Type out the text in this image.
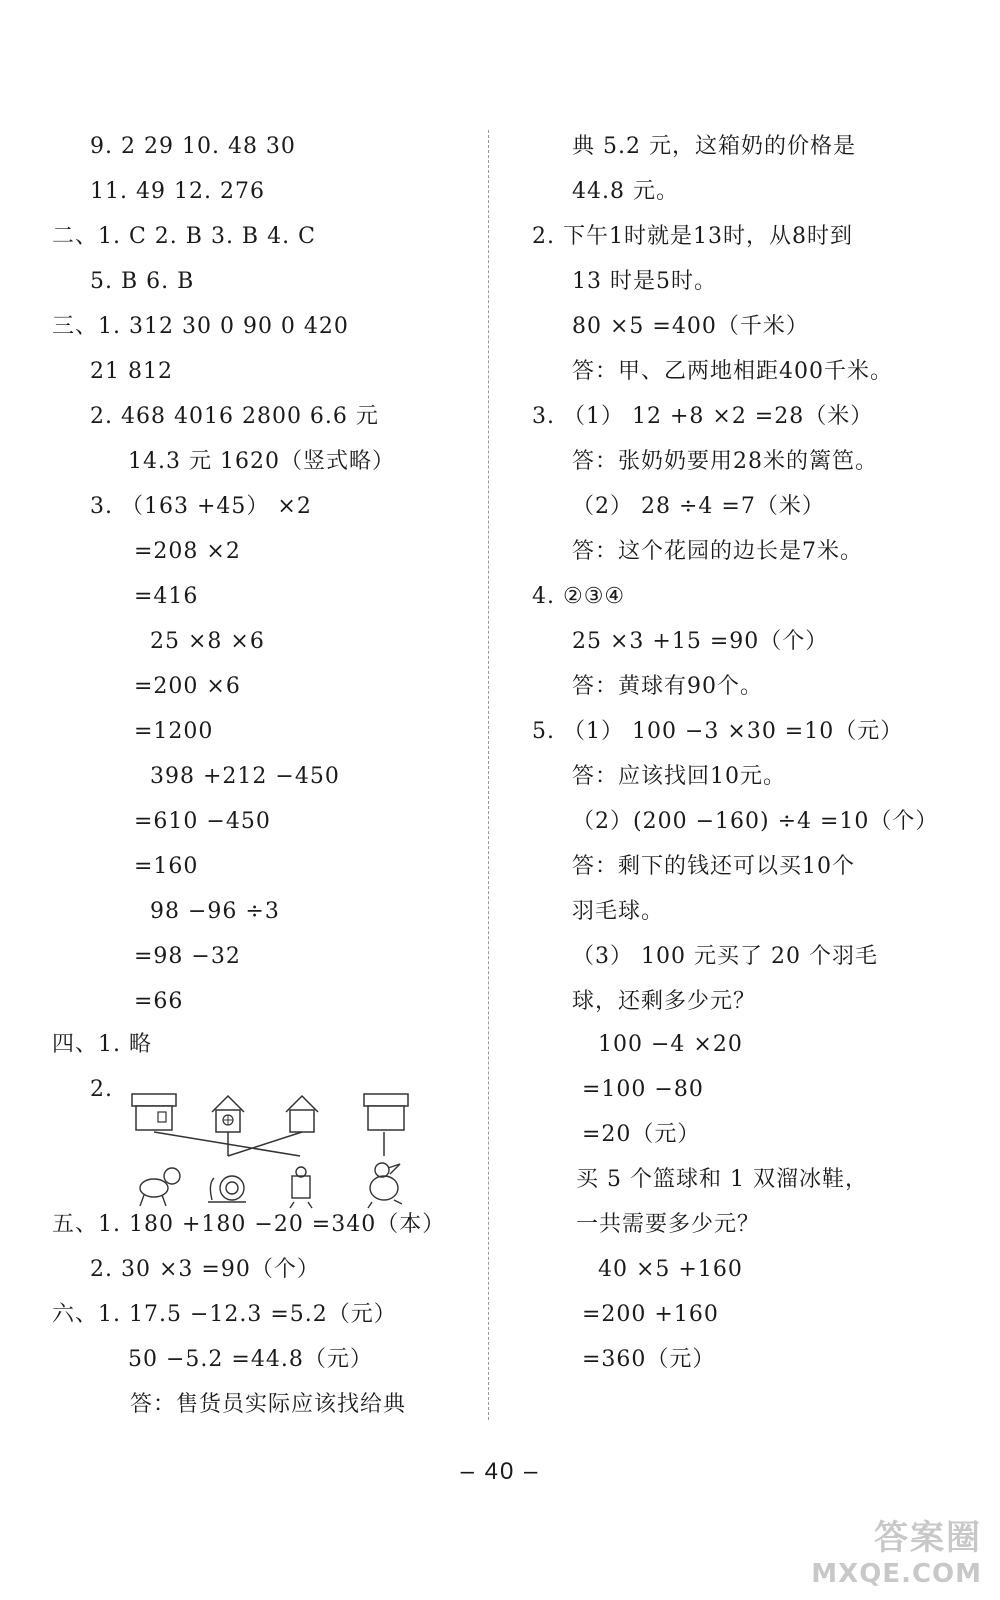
9. 2 29 10. 48 30
11. 49 12. 276
二、1. C 2. B 3. B 4. C
5. B 6. B
三、1. 312 30 0 90 0 420
21 812
2. 468 4016 2800 6.6 元
14.3 元 1620（竖式略）
3. （163 +45） ×2
=208 ×2
=416
25 ×8 ×6
=200 ×6
=1200
398 +212 −450
=610 −450
=160
98 −96 ÷3
=98 −32
=66
四、1. 略
2.
五、1. 180 +180 −20 =340（本）
2. 30 ×3 =90（个）
六、1. 17.5 −12.3 =5.2（元）
50 −5.2 =44.8（元）
答：售货员实际应该找给典
典 5.2 元，这箱奶的价格是
44.8 元。
2. 下午1时就是13时，从8时到
13 时是5时。
80 ×5 =400（千米）
答：甲、乙两地相距400千米。
3. （1） 12 +8 ×2 =28（米）
答：张奶奶要用28米的篱笆。
（2） 28 ÷4 =7（米）
答：这个花园的边长是7米。
4. ②③④
25 ×3 +15 =90（个）
答：黄球有90个。
5. （1） 100 −3 ×30 =10（元）
答：应该找回10元。
（2）(200 −160) ÷4 =10（个）
答：剩下的钱还可以买10个
羽毛球。
（3） 100 元买了 20 个羽毛
球，还剩多少元？
100 −4 ×20
=100 −80
=20（元）
买 5 个篮球和 1 双溜冰鞋，
一共需要多少元？
40 ×5 +160
=200 +160
=360（元）
– 40 –
答案圈
MXQE.COM
